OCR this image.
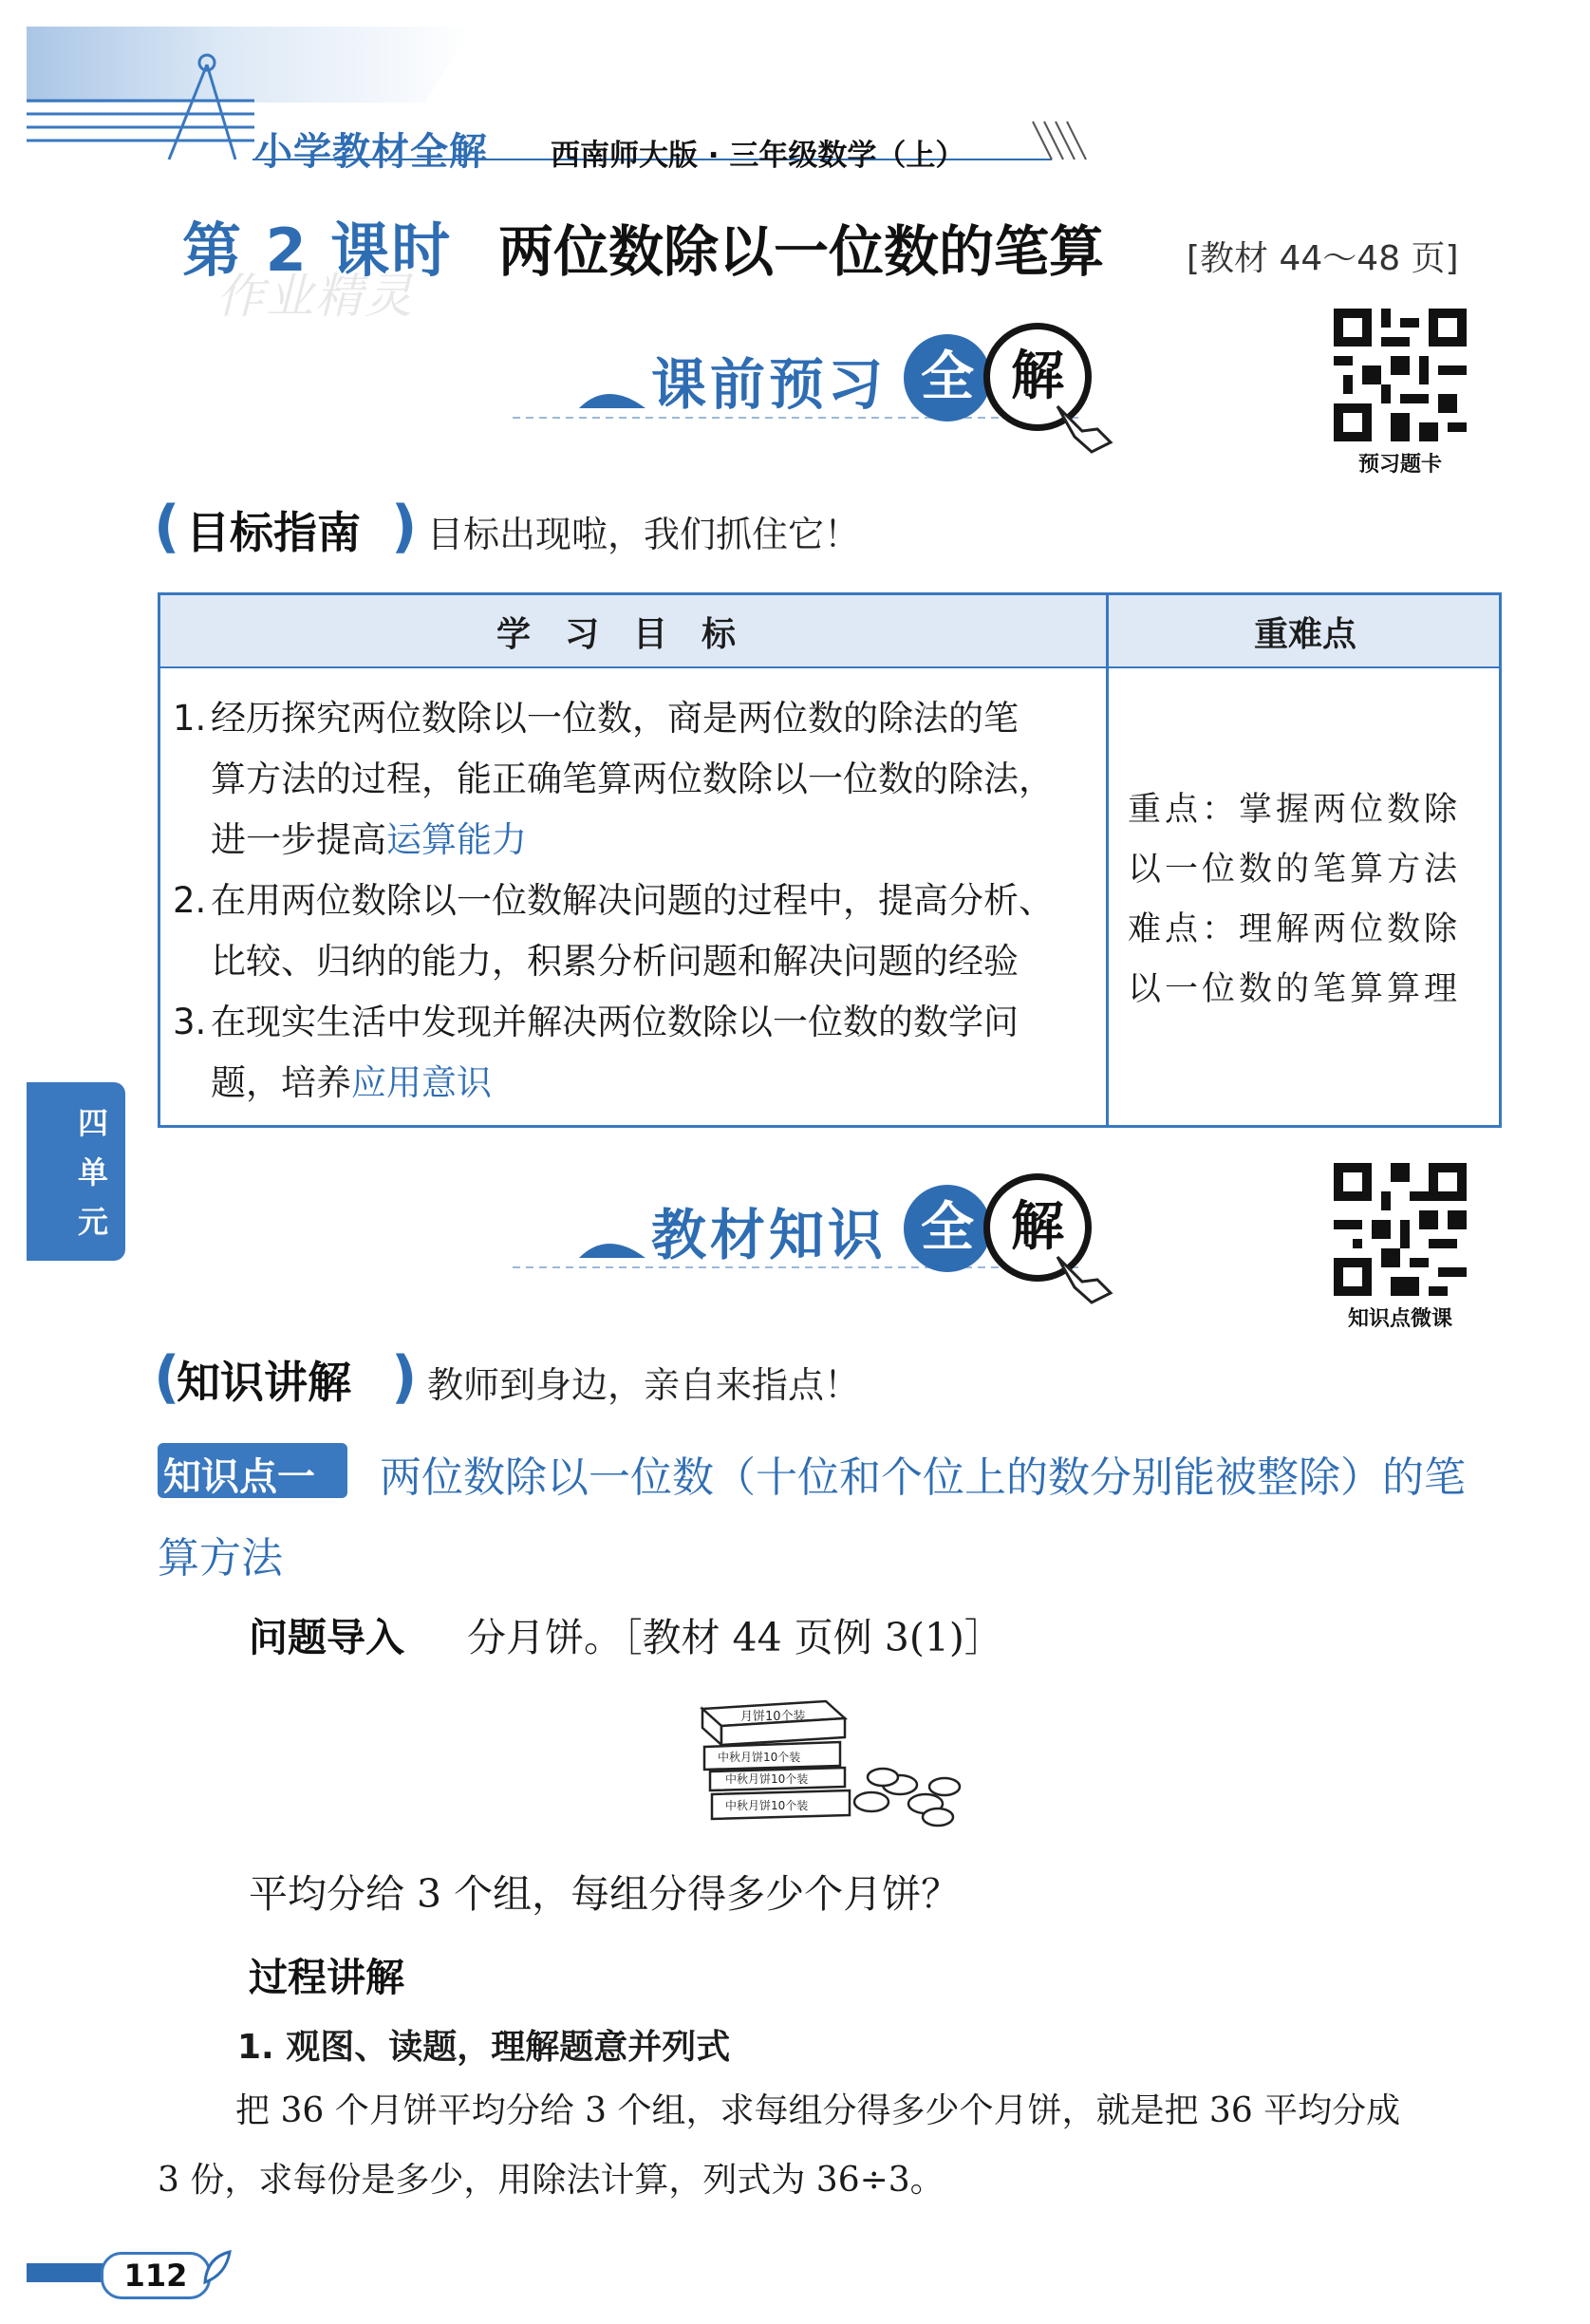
小学教材全解 西南师大版 · 三年级数学（上）
作业精灵
第 2 课时 两位数除以一位数的笔算 [教材 44～48 页]
课前预习 全 解
预习题卡
( 目标指南 ) 目标出现啦，我们抓住它！
学习目标	重难点
1. 经历探究两位数除以一位数，商是两位数的除法的笔
算方法的过程，能正确笔算两位数除以一位数的除法，
进一步提高运算能力
2. 在用两位数除以一位数解决问题的过程中，提高分析、
比较、归纳的能力，积累分析问题和解决问题的经验
3. 在现实生活中发现并解决两位数除以一位数的数学问
题，培养应用意识
重点：掌握两位数除
以一位数的笔算方法
难点：理解两位数除
以一位数的笔算算理
四
单
元	教材知识 全 解
知识点微课
(
知识讲解 ) 教师到身边，亲自来指点！
知识点一 两位数除以一位数（十位和个位上的数分别能被整除）的笔
算方法
问题导入 分月饼。［教材 44 页例 3(1)］
月饼10个装
中秋月饼10个装
中秋月饼10个装
中秋月饼10个装
平均分给 3 个组，每组分得多少个月饼？
过程讲解
1. 观图、读题，理解题意并列式
把 36 个月饼平均分给 3 个组，求每组分得多少个月饼，就是把 36 平均分成
3 份，求每份是多少，用除法计算，列式为 36÷3。
112
